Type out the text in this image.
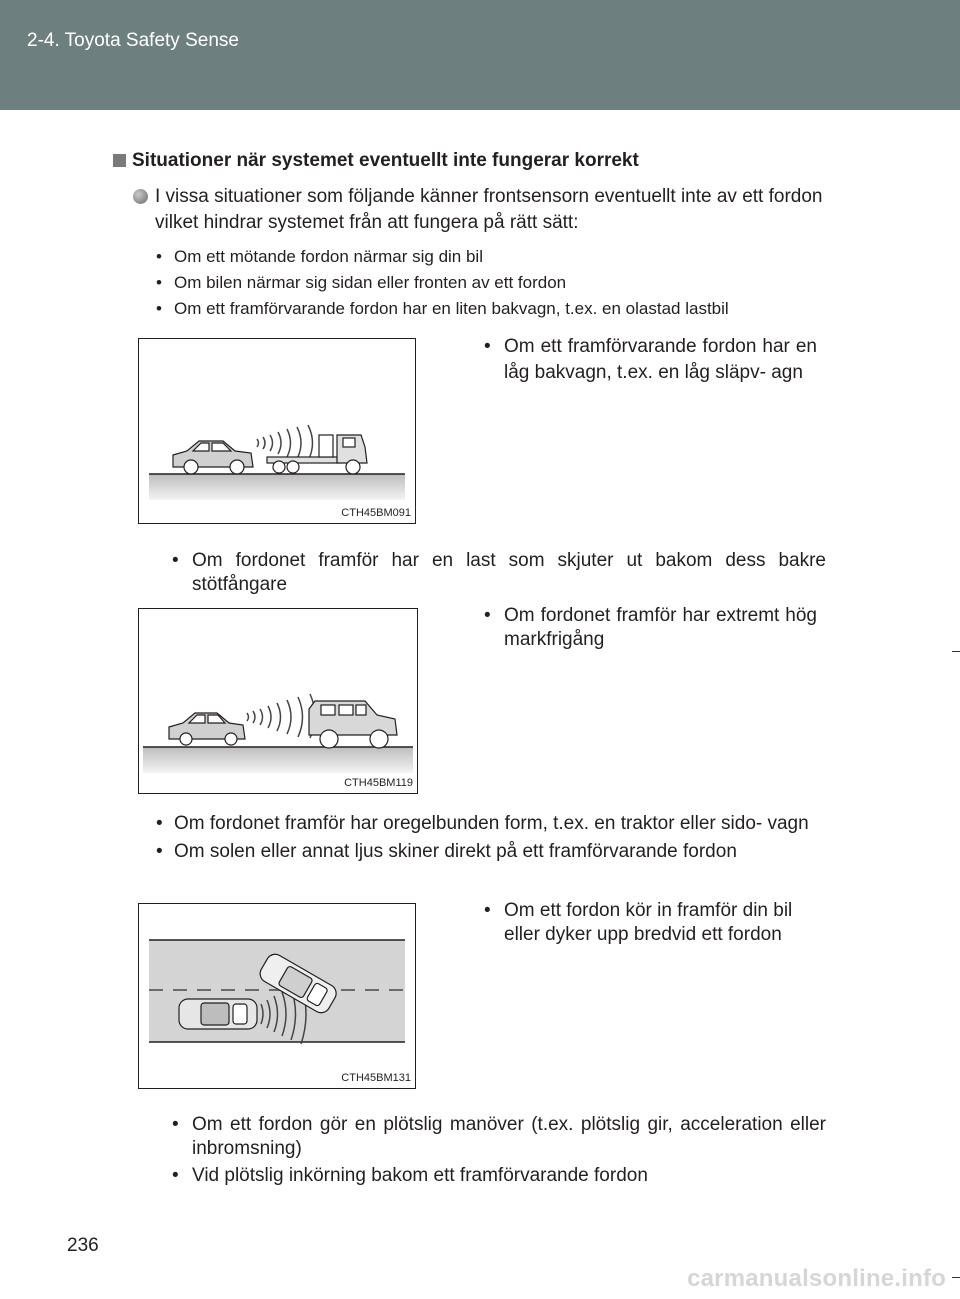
2-4. Toyota Safety Sense
Situationer när systemet eventuellt inte fungerar korrekt
I vissa situationer som följande känner frontsensorn eventuellt inte av ett fordon vilket hindrar systemet från att fungera på rätt sätt:
• Om ett mötande fordon närmar sig din bil
• Om bilen närmar sig sidan eller fronten av ett fordon
• Om ett framförvarande fordon har en liten bakvagn, t.ex. en olastad lastbil
CTH45BM091
• Om ett framförvarande fordon har en låg bakvagn, t.ex. en låg släpv- agn
• Om fordonet framför har en last som skjuter ut bakom dess bakre stötfångare
CTH45BM119
• Om fordonet framför har extremt hög markfrigång
• Om fordonet framför har oregelbunden form, t.ex. en traktor eller sido- vagn
• Om solen eller annat ljus skiner direkt på ett framförvarande fordon
CTH45BM131
• Om ett fordon kör in framför din bil eller dyker upp bredvid ett fordon
• Om ett fordon gör en plötslig manöver (t.ex. plötslig gir, acceleration eller inbromsning)
• Vid plötslig inkörning bakom ett framförvarande fordon
236
carmanualsonline.info
